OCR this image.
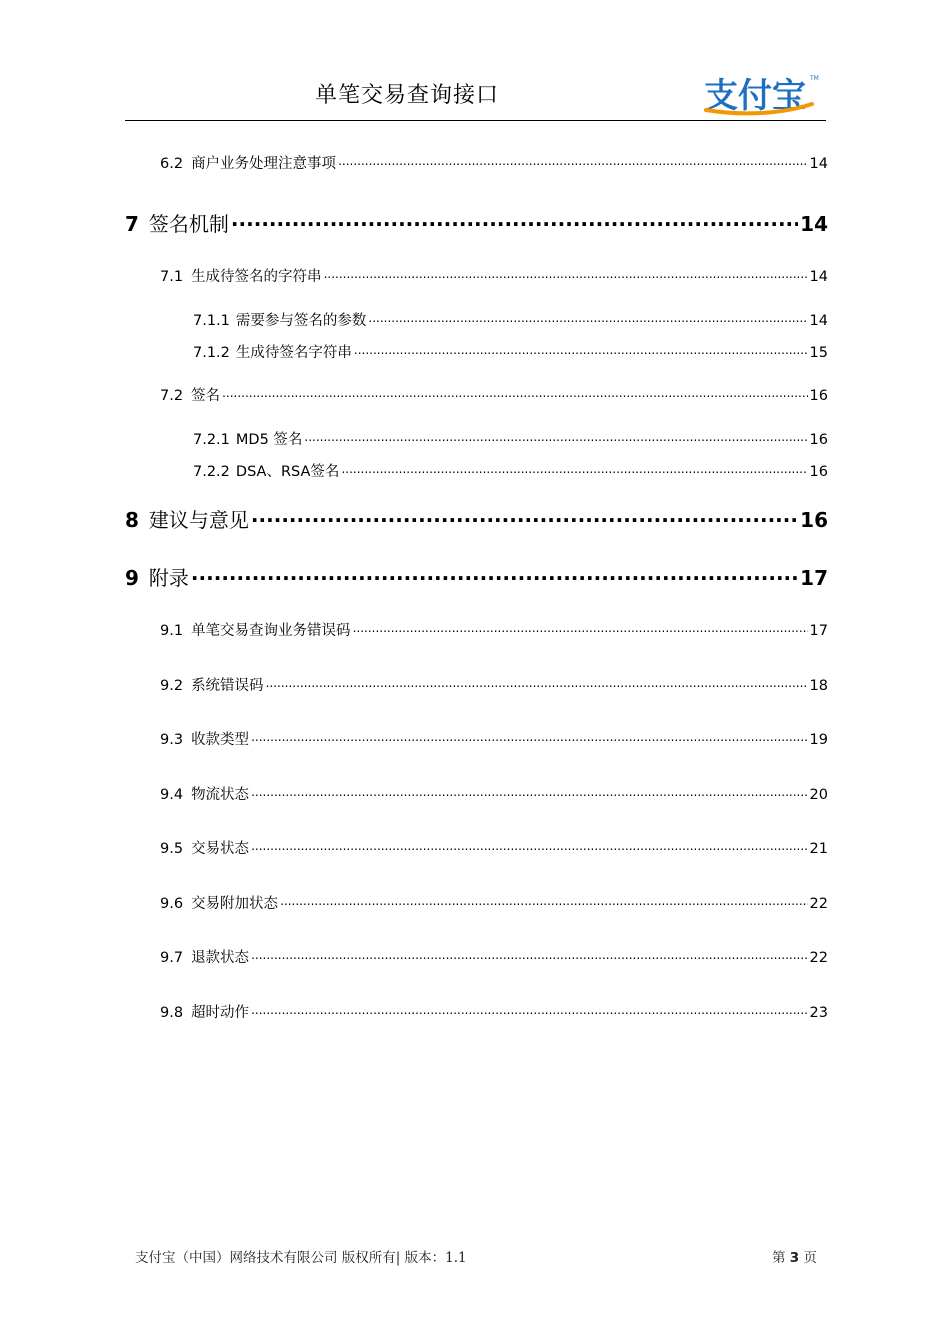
单笔交易查询接口	支付宝 TM
6.2 商户业务处理注意事项 .....	14
7 签名机制 .....	14
7.1 生成待签名的字符串 .....	14
7.1.1 需要参与签名的参数 .....	14
7.1.2 生成待签名字符串 .....	15
7.2 签名 .....	16
7.2.1 MD5 签名 .....	16
7.2.2 DSA、RSA签名 .....	16
8 建议与意见 .....	16
9 附录 .....	17
9.1 单笔交易查询业务错误码 .....	17
9.2 系统错误码 .....	18
9.3 收款类型 .....	19
9.4 物流状态 .....	20
9.5 交易状态 .....	21
9.6 交易附加状态 .....	22
9.7 退款状态 .....	22
9.8 超时动作 .....	23
支付宝（中国）网络技术有限公司 版权所有| 版本：1.1	第 3 页
